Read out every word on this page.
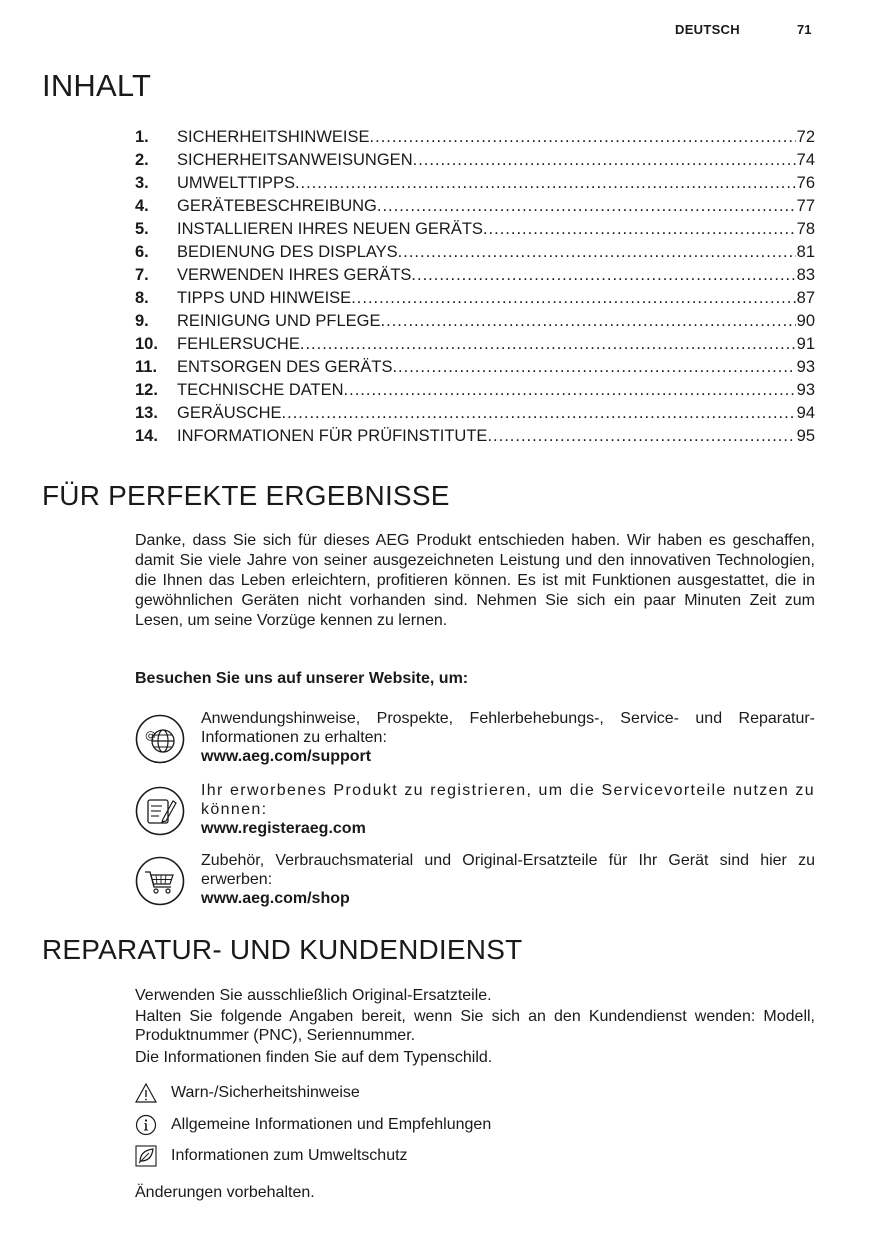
DEUTSCH	71
INHALT
1.	SICHERHEITSHINWEISE .....	72
2.	SICHERHEITSANWEISUNGEN .....	74
3.	UMWELTTIPPS .....	76
4.	GERÄTEBESCHREIBUNG .....	77
5.	INSTALLIEREN IHRES NEUEN GERÄTS .....	78
6.	BEDIENUNG DES DISPLAYS .....	81
7.	VERWENDEN IHRES GERÄTS .....	83
8.	TIPPS UND HINWEISE .....	87
9.	REINIGUNG UND PFLEGE .....	90
10.	FEHLERSUCHE .....	91
11.	ENTSORGEN DES GERÄTS .....	93
12.	TECHNISCHE DATEN .....	93
13.	GERÄUSCHE .....	94
14.	INFORMATIONEN FÜR PRÜFINSTITUTE .....	95
FÜR PERFEKTE ERGEBNISSE
Danke, dass Sie sich für dieses AEG Produkt entschieden haben. Wir haben es geschaffen, damit Sie viele Jahre von seiner ausgezeichneten Leistung und den innovativen Technologien, die Ihnen das Leben erleichtern, profitieren können. Es ist mit Funktionen ausgestattet, die in gewöhnlichen Geräten nicht vorhanden sind. Nehmen Sie sich ein paar Minuten Zeit zum Lesen, um seine Vorzüge kennen zu lernen.
Besuchen Sie uns auf unserer Website, um:
@
Anwendungshinweise, Prospekte, Fehlerbehebungs-, Service- und Reparatur-Informationen zu erhalten:
www.aeg.com/support
Ihr erworbenes Produkt zu registrieren, um die Servicevorteile nutzen zu können:
www.registeraeg.com
Zubehör, Verbrauchsmaterial und Original-Ersatzteile für Ihr Gerät sind hier zu erwerben:
www.aeg.com/shop
REPARATUR- UND KUNDENDIENST
Verwenden Sie ausschließlich Original-Ersatzteile.
Halten Sie folgende Angaben bereit, wenn Sie sich an den Kundendienst wenden: Modell, Produktnummer (PNC), Seriennummer.
Die Informationen finden Sie auf dem Typenschild.
Warn-/Sicherheitshinweise
Allgemeine Informationen und Empfehlungen
Informationen zum Umweltschutz
Änderungen vorbehalten.
